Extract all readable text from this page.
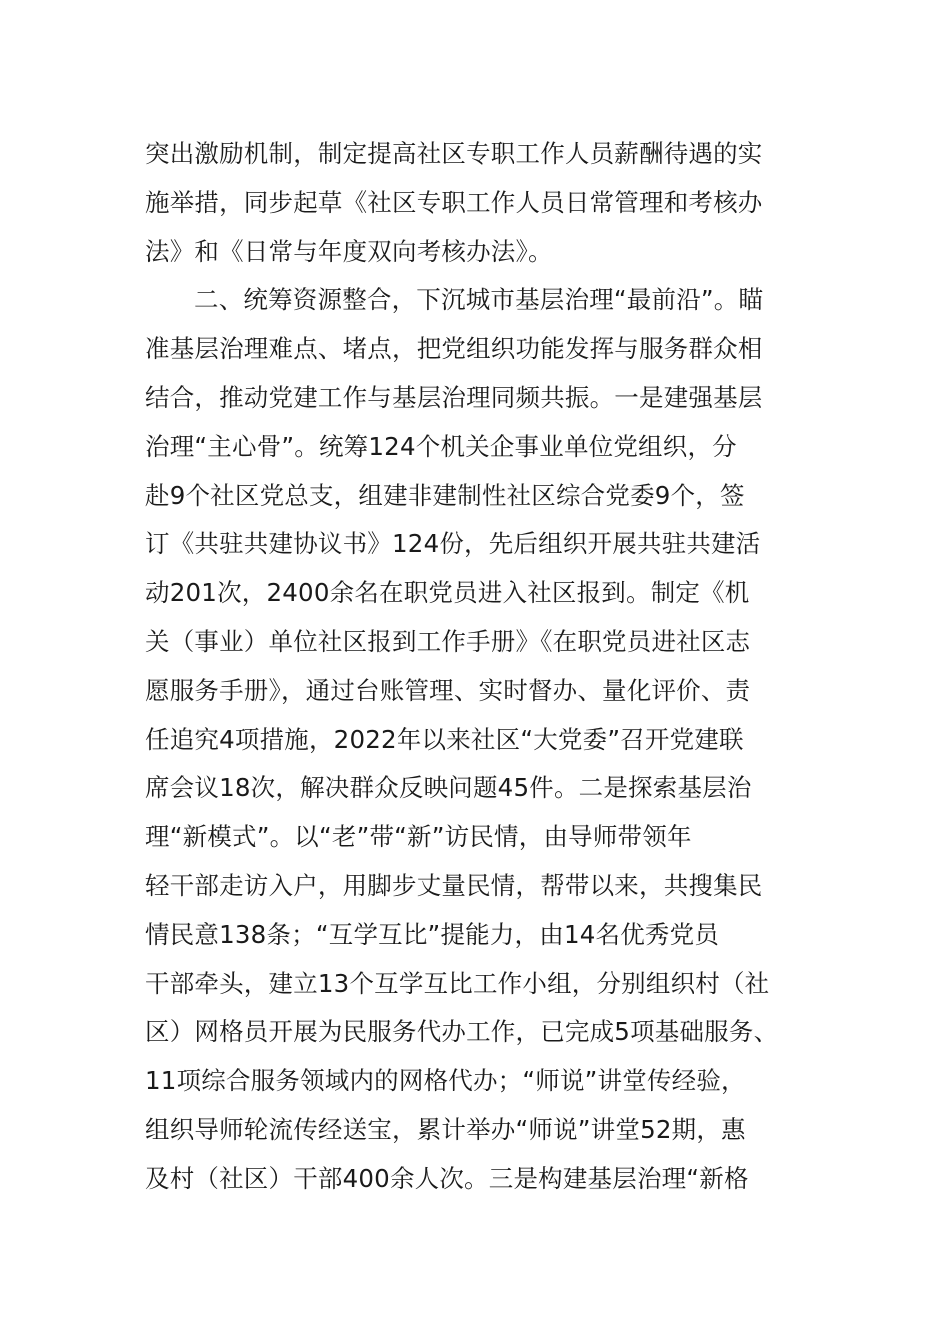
突出激励机制，制定提高社区专职工作人员薪酬待遇的实
施举措，同步起草《社区专职工作人员日常管理和考核办
法》和《日常与年度双向考核办法》。
二、统筹资源整合，下沉城市基层治理“最前沿”。瞄
准基层治理难点、堵点，把党组织功能发挥与服务群众相
结合，推动党建工作与基层治理同频共振。一是建强基层
治理“主心骨”。统筹124个机关企事业单位党组织，分
赴9个社区党总支，组建非建制性社区综合党委9个，签
订《共驻共建协议书》124份，先后组织开展共驻共建活
动201次，2400余名在职党员进入社区报到。制定《机
关（事业）单位社区报到工作手册》《在职党员进社区志
愿服务手册》，通过台账管理、实时督办、量化评价、责
任追究4项措施，2022年以来社区“大党委”召开党建联
席会议18次，解决群众反映问题45件。二是探索基层治
理“新模式”。以“老”带“新”访民情，由导师带领年
轻干部走访入户，用脚步丈量民情，帮带以来，共搜集民
情民意138条；“互学互比”提能力，由14名优秀党员
干部牵头，建立13个互学互比工作小组，分别组织村（社
区）网格员开展为民服务代办工作，已完成5项基础服务、
11项综合服务领域内的网格代办；“师说”讲堂传经验，
组织导师轮流传经送宝，累计举办“师说”讲堂52期，惠
及村（社区）干部400余人次。三是构建基层治理“新格
